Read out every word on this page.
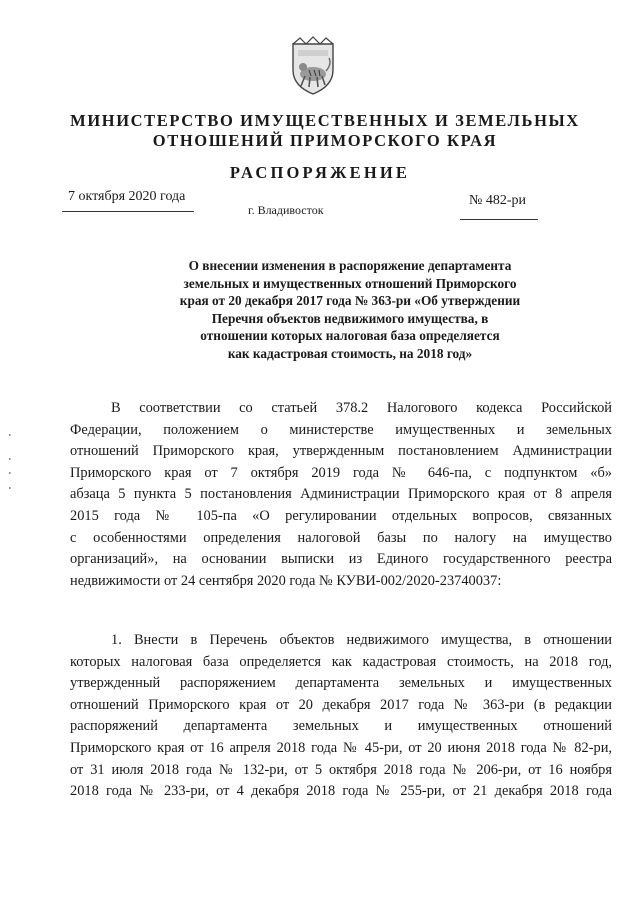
МИНИСТЕРСТВО ИМУЩЕСТВЕННЫХ И ЗЕМЕЛЬНЫХ
ОТНОШЕНИЙ ПРИМОРСКОГО КРАЯ
РАСПОРЯЖЕНИЕ
7 октября 2020 года
г. Владивосток
№ 482-ри
О внесении изменения в распоряжение департамента
земельных и имущественных отношений Приморского
края от 20 декабря 2017 года № 363-ри «Об утверждении
Перечня объектов недвижимого имущества, в
отношении которых налоговая база определяется
как кадастровая стоимость, на 2018 год»
В соответствии со статьей 378.2 Налогового кодекса Российской
Федерации, положением о министерстве имущественных и земельных
отношений Приморского края, утвержденным постановлением Администрации
Приморского края от 7 октября 2019 года № 646-па, с подпунктом «б»
абзаца 5 пункта 5 постановления Администрации Приморского края от 8 апреля
2015 года № 105-па «О регулировании отдельных вопросов, связанных
с особенностями определения налоговой базы по налогу на имущество
организаций», на основании выписки из Единого государственного реестра
недвижимости от 24 сентября 2020 года № КУВИ-002/2020-23740037:
1. Внести в Перечень объектов недвижимого имущества, в отношении
которых налоговая база определяется как кадастровая стоимость, на 2018 год,
утвержденный распоряжением департамента земельных и имущественных
отношений Приморского края от 20 декабря 2017 года № 363-ри (в редакции
распоряжений департамента земельных и имущественных отношений
Приморского края от 16 апреля 2018 года № 45-ри, от 20 июня 2018 года № 82-ри,
от 31 июля 2018 года № 132-ри, от 5 октября 2018 года № 206-ри, от 16 ноября
2018 года № 233-ри, от 4 декабря 2018 года № 255-ри, от 21 декабря 2018 года
